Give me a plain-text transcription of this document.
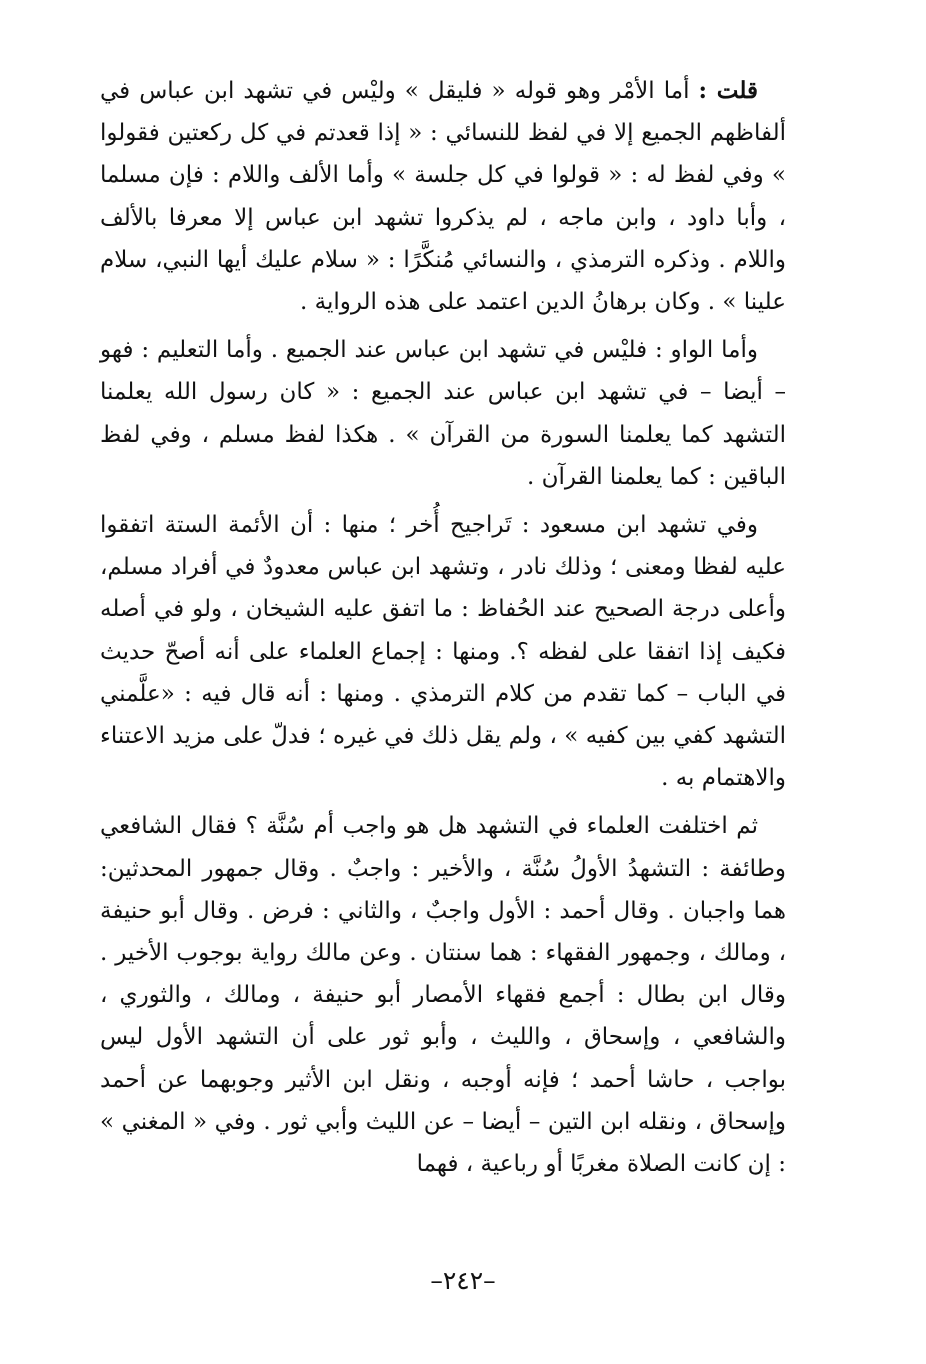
قلت : أما الأمْر وهو قوله « فليقل » وليْس في تشهد ابن عباس في ألفاظهم الجميع إلا في لفظ للنسائي : « إذا قعدتم في كل ركعتين فقولوا » وفي لفظ له : « قولوا في كل جلسة » وأما الألف واللام : فإن مسلما ، وأبا داود ، وابن ماجه ، لم يذكروا تشهد ابن عباس إلا معرفا بالألف واللام . وذكره الترمذي ، والنسائي مُنكَّرًا : « سلام عليك أيها النبي، سلام علينا » . وكان برهانُ الدين اعتمد على هذه الرواية .

وأما الواو : فليْس في تشهد ابن عباس عند الجميع . وأما التعليم : فهو – أيضا – في تشهد ابن عباس عند الجميع : « كان رسول الله يعلمنا التشهد كما يعلمنا السورة من القرآن » . هكذا لفظ مسلم ، وفي لفظ الباقين : كما يعلمنا القرآن .

وفي تشهد ابن مسعود : تَراجيح أُخر ؛ منها : أن الأئمة الستة اتفقوا عليه لفظا ومعنى ؛ وذلك نادر ، وتشهد ابن عباس معدودٌ في أفراد مسلم، وأعلى درجة الصحيح عند الحُفاظ : ما اتفق عليه الشيخان ، ولو في أصله فكيف إذا اتفقا على لفظه ؟. ومنها : إجماع العلماء على أنه أصحّ حديث في الباب – كما تقدم من كلام الترمذي . ومنها : أنه قال فيه : «علَّمني التشهد كفي بين كفيه » ، ولم يقل ذلك في غيره ؛ فدلّ على مزيد الاعتناء والاهتمام به .

ثم اختلفت العلماء في التشهد هل هو واجب أم سُنَّة ؟ فقال الشافعي وطائفة : التشهدُ الأولُ سُنَّة ، والأخير : واجبٌ . وقال جمهور المحدثين: هما واجبان . وقال أحمد : الأول واجبٌ ، والثاني : فرض . وقال أبو حنيفة ، ومالك ، وجمهور الفقهاء : هما سنتان . وعن مالك رواية بوجوب الأخير . وقال ابن بطال : أجمع فقهاء الأمصار أبو حنيفة ، ومالك ، والثوري ، والشافعي ، وإسحاق ، والليث ، وأبو ثور على أن التشهد الأول ليس بواجب ، حاشا أحمد ؛ فإنه أوجبه ، ونقل ابن الأثير وجوبهما عن أحمد وإسحاق ، ونقله ابن التين – أيضا – عن الليث وأبي ثور . وفي « المغني » : إن كانت الصلاة مغربًا أو رباعية ، فهما

–٢٤٢–
